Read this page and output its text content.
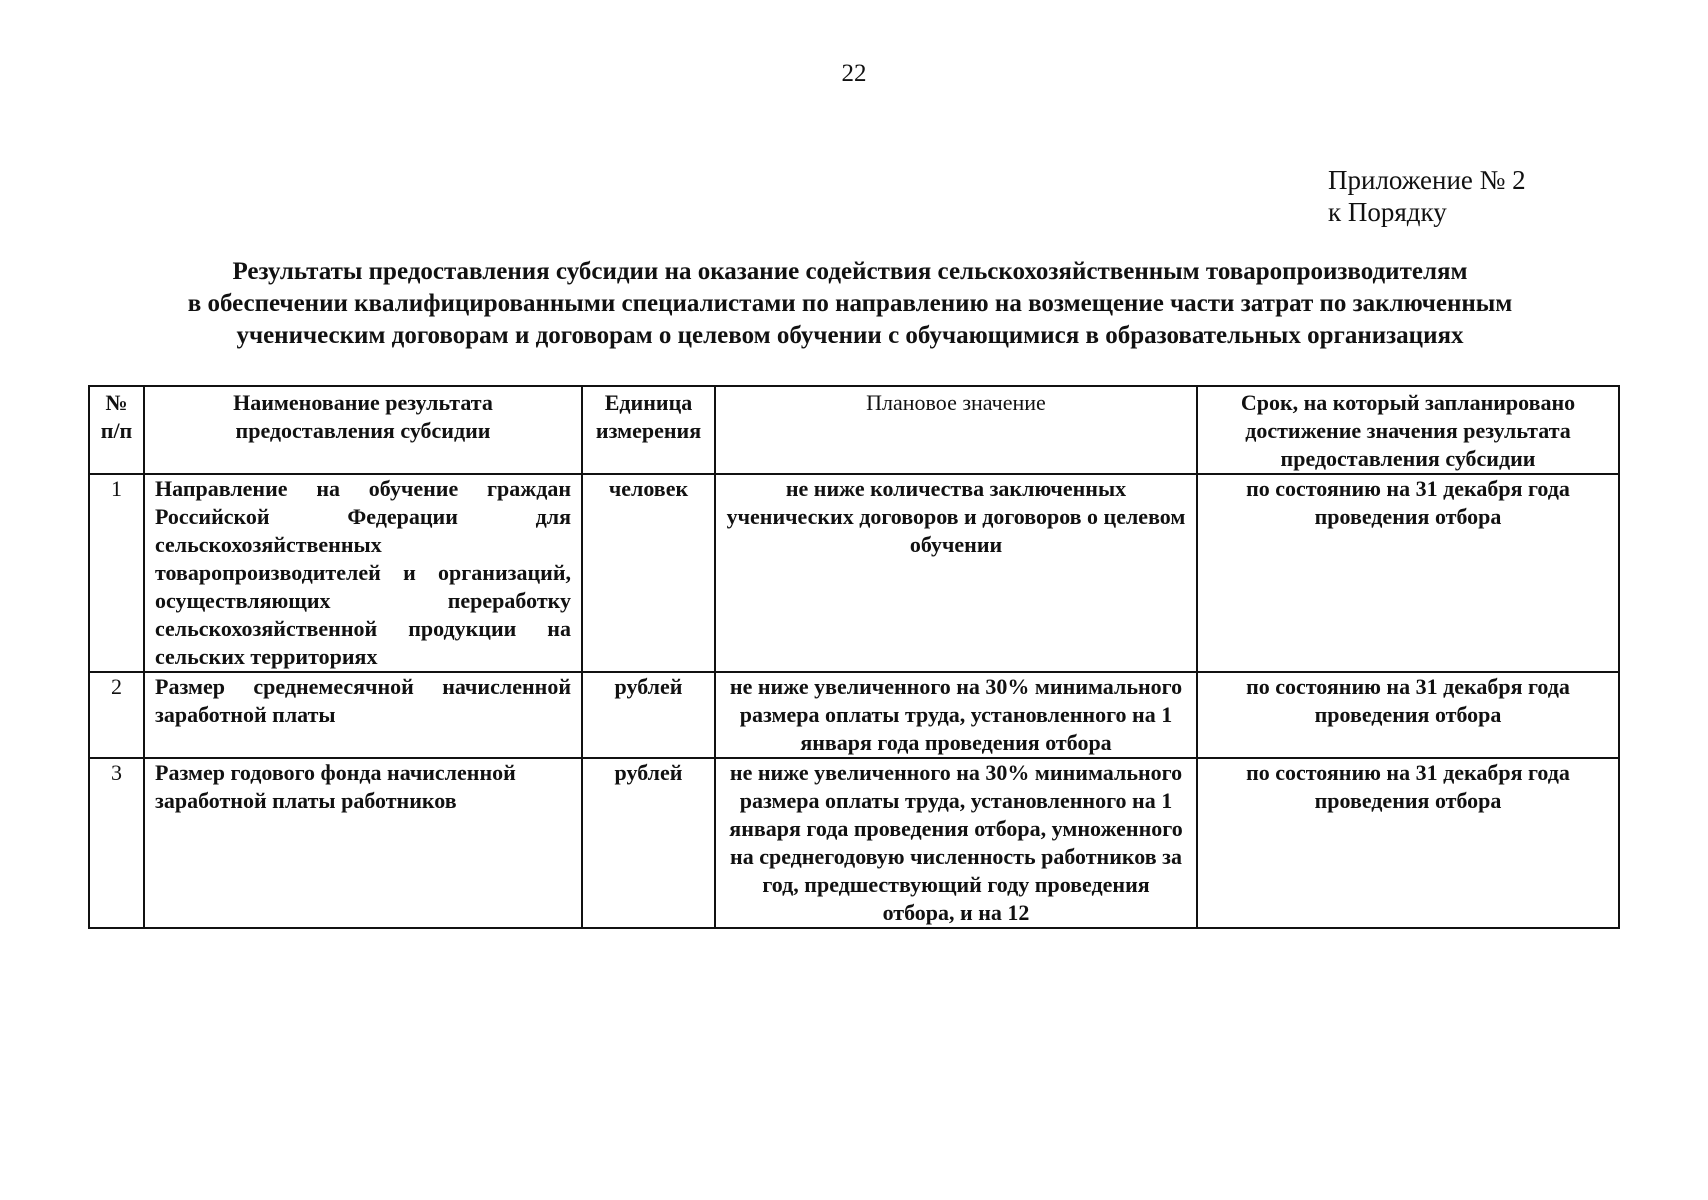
22
Приложение № 2
к Порядку
Результаты предоставления субсидии на оказание содействия сельскохозяйственным товаропроизводителям
в обеспечении квалифицированными специалистами по направлению на возмещение части затрат по заключенным
ученическим договорам и договорам о целевом обучении с обучающимися в образовательных организациях
№ п/п	Наименование результата предоставления субсидии	Единица измерения	Плановое значение	Срок, на который запланировано достижение значения результата предоставления субсидии
1	Направление на обучение граждан Российской Федерации для сельскохозяйственных товаропроизводителей и организаций, осуществляющих переработку сельскохозяйственной продукции на сельских территориях	человек	не ниже количества заключенных ученических договоров и договоров о целевом обучении	по состоянию на 31 декабря года проведения отбора
2	Размер среднемесячной начисленной заработной платы	рублей	не ниже увеличенного на 30% минимального размера оплаты труда, установленного на 1 января года проведения отбора	по состоянию на 31 декабря года проведения отбора
3	Размер годового фонда начисленной заработной платы работников	рублей	не ниже увеличенного на 30% минимального размера оплаты труда, установленного на 1 января года проведения отбора, умноженного на среднегодовую численность работников за год, предшествующий году проведения отбора, и на 12	по состоянию на 31 декабря года проведения отбора
